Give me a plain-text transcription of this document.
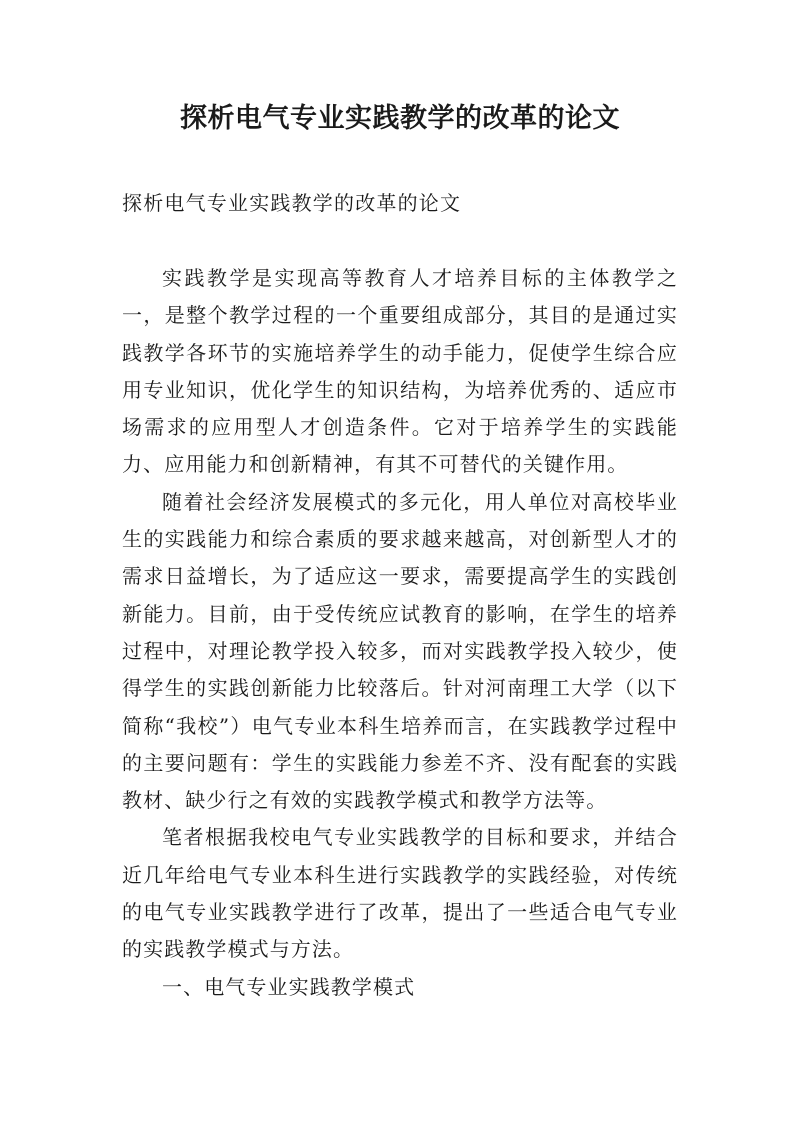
探析电气专业实践教学的改革的论文

探析电气专业实践教学的改革的论文

实践教学是实现高等教育人才培养目标的主体教学之一，是整个教学过程的一个重要组成部分，其目的是通过实践教学各环节的实施培养学生的动手能力，促使学生综合应用专业知识，优化学生的知识结构，为培养优秀的、适应市场需求的应用型人才创造条件。它对于培养学生的实践能力、应用能力和创新精神，有其不可替代的关键作用。

随着社会经济发展模式的多元化，用人单位对高校毕业生的实践能力和综合素质的要求越来越高，对创新型人才的需求日益增长，为了适应这一要求，需要提高学生的实践创新能力。目前，由于受传统应试教育的影响，在学生的培养过程中，对理论教学投入较多，而对实践教学投入较少，使得学生的实践创新能力比较落后。针对河南理工大学（以下简称“我校”）电气专业本科生培养而言，在实践教学过程中的主要问题有：学生的实践能力参差不齐、没有配套的实践教材、缺少行之有效的实践教学模式和教学方法等。

笔者根据我校电气专业实践教学的目标和要求，并结合近几年给电气专业本科生进行实践教学的实践经验，对传统的电气专业实践教学进行了改革，提出了一些适合电气专业的实践教学模式与方法。

一、电气专业实践教学模式
